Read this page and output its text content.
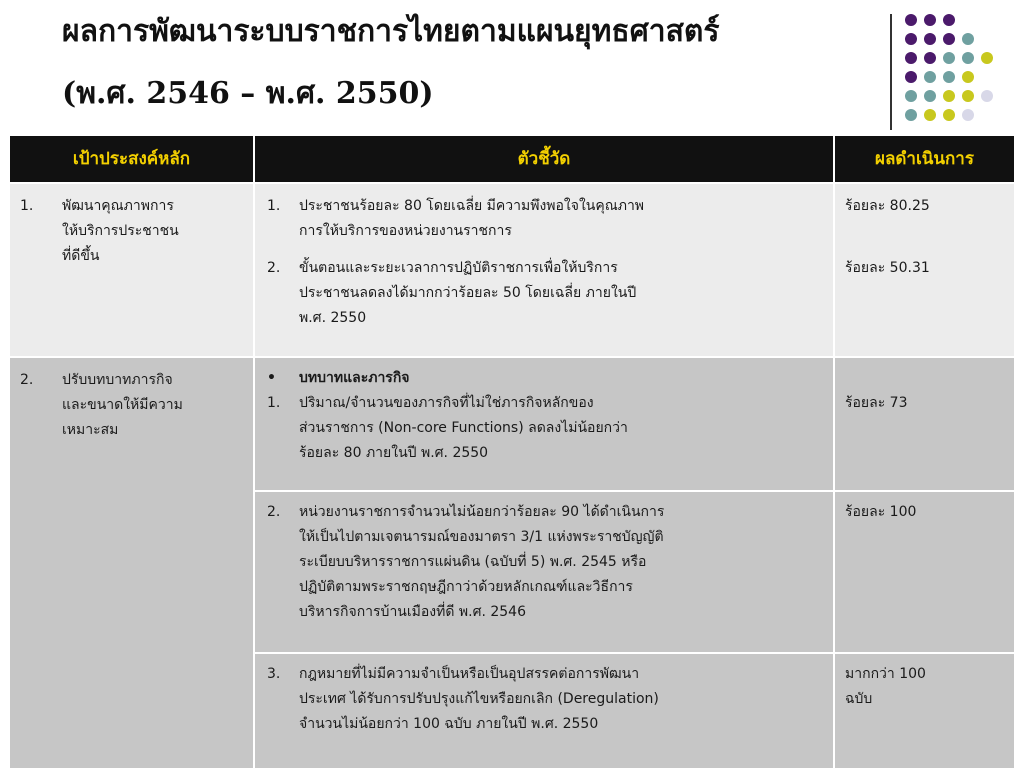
ผลการพัฒนาระบบราชการไทยตามแผนยุทธศาสตร์
(พ.ศ. 2546 – พ.ศ. 2550)
เป้าประสงค์หลัก	ตัวชี้วัด	ผลดำเนินการ
1. พัฒนาคุณภาพการ
ให้บริการประชาชน
ที่ดีขึ้น
1. ประชาชนร้อยละ 80 โดยเฉลี่ย มีความพึงพอใจในคุณภาพ
การให้บริการของหน่วยงานราชการ
2. ขั้นตอนและระยะเวลาการปฏิบัติราชการเพื่อให้บริการ
ประชาชนลดลงได้มากกว่าร้อยละ 50 โดยเฉลี่ย ภายในปี
พ.ศ. 2550
ร้อยละ 80.25
ร้อยละ 50.31
2. ปรับบทบาทภารกิจ
และขนาดให้มีความ
เหมาะสม
• บทบาทและภารกิจ
1. ปริมาณ/จำนวนของภารกิจที่ไม่ใช่ภารกิจหลักของ
ส่วนราชการ (Non-core Functions) ลดลงไม่น้อยกว่า
ร้อยละ 80 ภายในปี พ.ศ. 2550
ร้อยละ 73
2. หน่วยงานราชการจำนวนไม่น้อยกว่าร้อยละ 90 ได้ดำเนินการ
ให้เป็นไปตามเจตนารมณ์ของมาตรา 3/1 แห่งพระราชบัญญัติ
ระเบียบบริหารราชการแผ่นดิน (ฉบับที่ 5) พ.ศ. 2545 หรือ
ปฏิบัติตามพระราชกฤษฎีกาว่าด้วยหลักเกณฑ์และวิธีการ
บริหารกิจการบ้านเมืองที่ดี พ.ศ. 2546
ร้อยละ 100
3. กฎหมายที่ไม่มีความจำเป็นหรือเป็นอุปสรรคต่อการพัฒนา
ประเทศ ได้รับการปรับปรุงแก้ไขหรือยกเลิก (Deregulation)
จำนวนไม่น้อยกว่า 100 ฉบับ ภายในปี พ.ศ. 2550
มากกว่า 100
ฉบับ
